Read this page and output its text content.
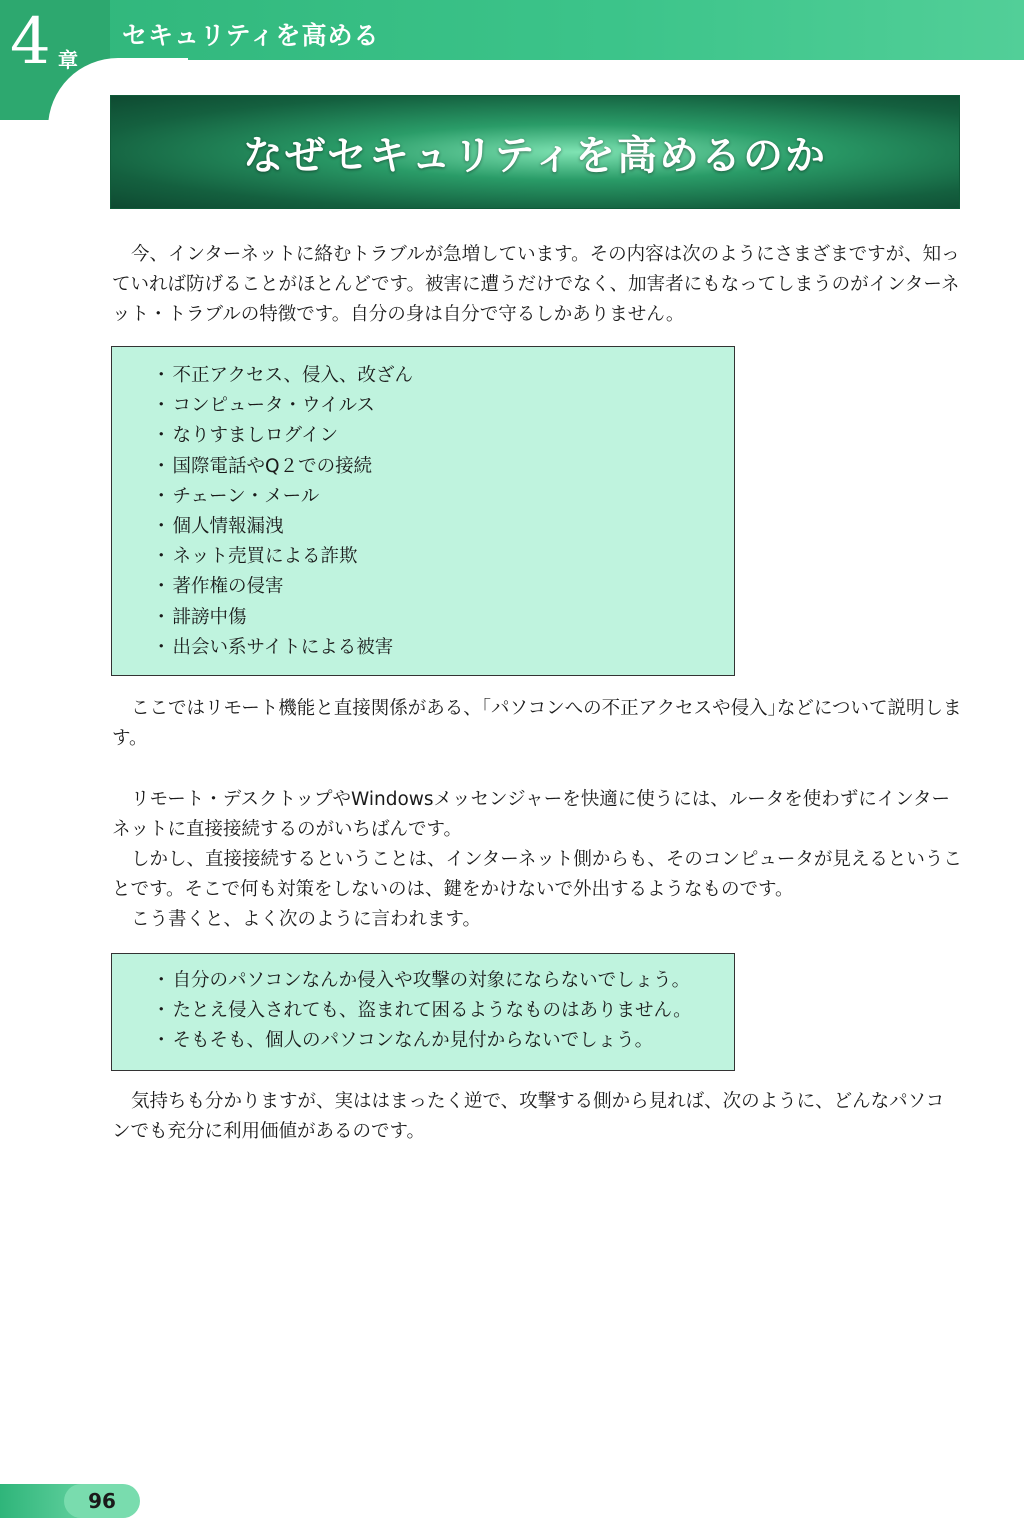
4 章
セキュリティを高める
なぜセキュリティを高めるのか

今、インターネットに絡むトラブルが急増しています。その内容は次のようにさまざまですが、知っていれば防げることがほとんどです。被害に遭うだけでなく、加害者にもなってしまうのがインターネット・トラブルの特徴です。自分の身は自分で守るしかありません。

・ 不正アクセス、侵入、改ざん
・ コンピュータ・ウイルス
・ なりすましログイン
・ 国際電話やQ２での接続
・ チェーン・メール
・ 個人情報漏洩
・ ネット売買による詐欺
・ 著作権の侵害
・ 誹謗中傷
・ 出会い系サイトによる被害

ここではリモート機能と直接関係がある、｢パソコンへの不正アクセスや侵入｣などについて説明します。

リモート・デスクトップやWindowsメッセンジャーを快適に使うには、ルータを使わずにインターネットに直接接続するのがいちばんです。

しかし、直接接続するということは、インターネット側からも、そのコンピュータが見えるということです。そこで何も対策をしないのは、鍵をかけないで外出するようなものです。

こう書くと、よく次のように言われます。

・ 自分のパソコンなんか侵入や攻撃の対象にならないでしょう。
・ たとえ侵入されても、盗まれて困るようなものはありません。
・ そもそも、個人のパソコンなんか見付からないでしょう。

気持ちも分かりますが、実ははまったく逆で、攻撃する側から見れば、次のように、どんなパソコンでも充分に利用価値があるのです。

96
